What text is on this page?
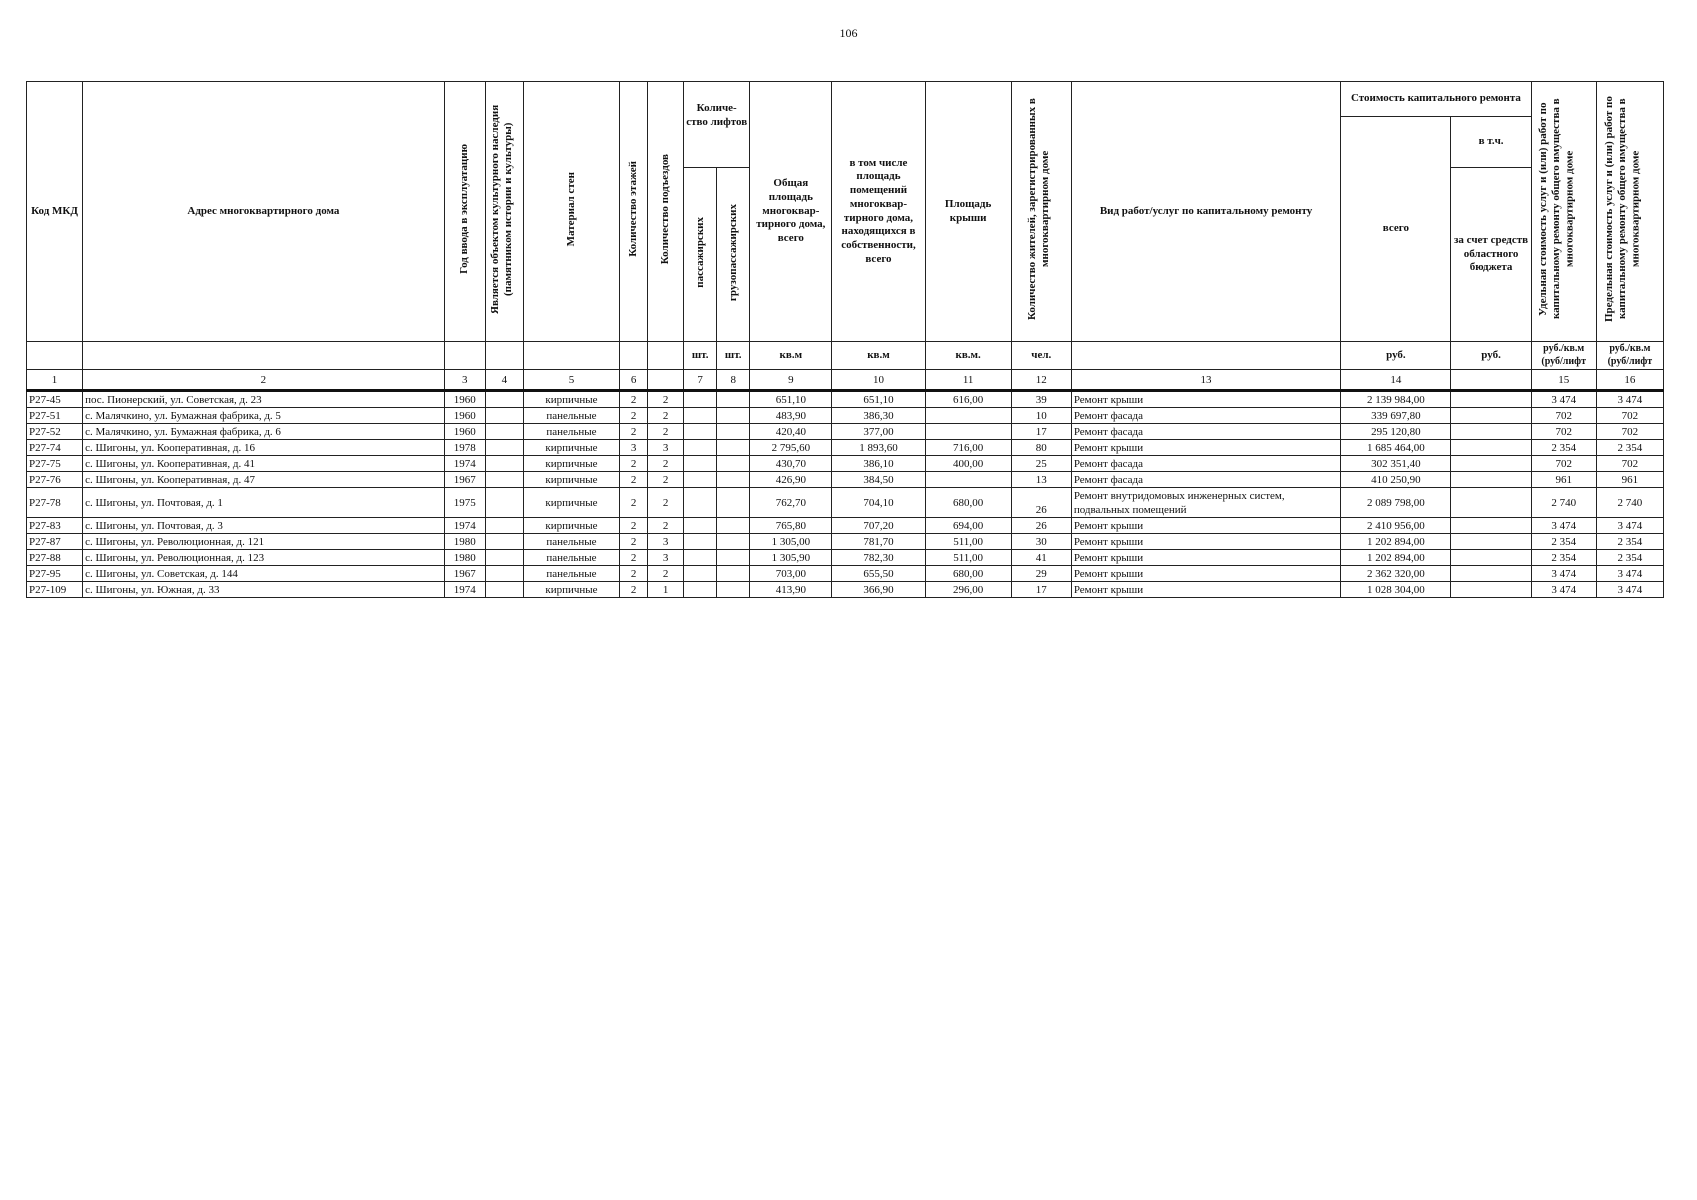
106
Код МКД	Адрес многоквартирного дома	Год ввода в эксплуатацию	Является объектом культурного наследия (памятником истории и культуры)	Материал стен	Количество этажей	Количество подъездов	Количе-ство лифтов		Общая площадь многоквар-тирного дома, всего	в том числе площадь помещений многоквар-тирного дома, находящихся в собственности, всего	Площадь крыши	Количество жителей, зарегистрированных в многоквартирном доме	Вид работ/услуг по капитальному ремонту	Стоимость капитального ремонта		Удельная стоимость услуг и (или) работ по капитальному ремонту общего имущества в многоквартирном доме	Предельная стоимость услуг и (или) работ по капитальному ремонту общего имущества в многоквартирном доме
														всего	в т.ч.		
							пассажирских	грузопассажирских							за счет средств областного бюджета		
							шт.	шт.	кв.м	кв.м	кв.м.	чел.		руб.	руб.	руб./кв.м (руб/лифт	руб./кв.м (руб/лифт
1	2	3	4	5	6		7	8	9	10	11	12	13	14		15	16
Р27-45	пос. Пионерский, ул. Советская, д. 23	1960		кирпичные	2	2			651,10	651,10	616,00	39	Ремонт крыши	2 139 984,00		3 474	3 474
Р27-51	с. Малячкино, ул. Бумажная фабрика, д. 5	1960		панельные	2	2			483,90	386,30		10	Ремонт фасада	339 697,80		702	702
Р27-52	с. Малячкино, ул. Бумажная фабрика, д. 6	1960		панельные	2	2			420,40	377,00		17	Ремонт фасада	295 120,80		702	702
Р27-74	с. Шигоны, ул. Кооперативная, д. 16	1978		кирпичные	3	3			2 795,60	1 893,60	716,00	80	Ремонт крыши	1 685 464,00		2 354	2 354
Р27-75	с. Шигоны, ул. Кооперативная, д. 41	1974		кирпичные	2	2			430,70	386,10	400,00	25	Ремонт фасада	302 351,40		702	702
Р27-76	с. Шигоны, ул. Кооперативная, д. 47	1967		кирпичные	2	2			426,90	384,50		13	Ремонт фасада	410 250,90		961	961
Р27-78	с. Шигоны, ул. Почтовая, д. 1	1975		кирпичные	2	2			762,70	704,10	680,00	26	Ремонт внутридомовых инженерных систем, подвальных помещений	2 089 798,00		2 740	2 740
Р27-83	с. Шигоны, ул. Почтовая, д. 3	1974		кирпичные	2	2			765,80	707,20	694,00	26	Ремонт крыши	2 410 956,00		3 474	3 474
Р27-87	с. Шигоны, ул. Революционная, д. 121	1980		панельные	2	3			1 305,00	781,70	511,00	30	Ремонт крыши	1 202 894,00		2 354	2 354
Р27-88	с. Шигоны, ул. Революционная, д. 123	1980		панельные	2	3			1 305,90	782,30	511,00	41	Ремонт крыши	1 202 894,00		2 354	2 354
Р27-95	с. Шигоны, ул. Советская, д. 144	1967		панельные	2	2			703,00	655,50	680,00	29	Ремонт крыши	2 362 320,00		3 474	3 474
Р27-109	с. Шигоны, ул. Южная, д. 33	1974		кирпичные	2	1			413,90	366,90	296,00	17	Ремонт крыши	1 028 304,00		3 474	3 474
